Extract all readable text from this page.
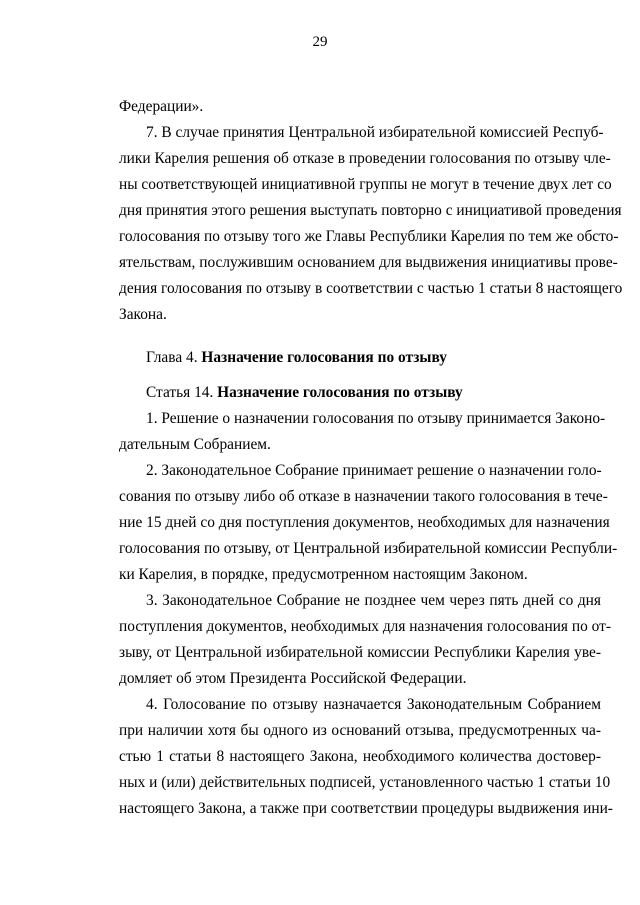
29
Федерации».
7. В случае принятия Центральной избирательной комиссией Респуб-
лики Карелия решения об отказе в проведении голосования по отзыву чле-
ны соответствующей инициативной группы не могут в течение двух лет со
дня принятия этого решения выступать повторно с инициативой проведения
голосования по отзыву того же Главы Республики Карелия по тем же обсто-
ятельствам, послужившим основанием для выдвижения инициативы прове-
дения голосования по отзыву в соответствии с частью 1 статьи 8 настоящего
Закона.
Глава 4. Назначение голосования по отзыву
Статья 14. Назначение голосования по отзыву
1. Решение о назначении голосования по отзыву принимается Законо-
дательным Собранием.
2. Законодательное Собрание принимает решение о назначении голо-
сования по отзыву либо об отказе в назначении такого голосования в тече-
ние 15 дней со дня поступления документов, необходимых для назначения
голосования по отзыву, от Центральной избирательной комиссии Республи-
ки Карелия, в порядке, предусмотренном настоящим Законом.
3. Законодательное Собрание не позднее чем через пять дней со дня
поступления документов, необходимых для назначения голосования по от-
зыву, от Центральной избирательной комиссии Республики Карелия уве-
домляет об этом Президента Российской Федерации.
4. Голосование по отзыву назначается Законодательным Собранием
при наличии хотя бы одного из оснований отзыва, предусмотренных ча-
стью 1 статьи 8 настоящего Закона, необходимого количества достовер-
ных и (или) действительных подписей, установленного частью 1 статьи 10
настоящего Закона, а также при соответствии процедуры выдвижения ини-
